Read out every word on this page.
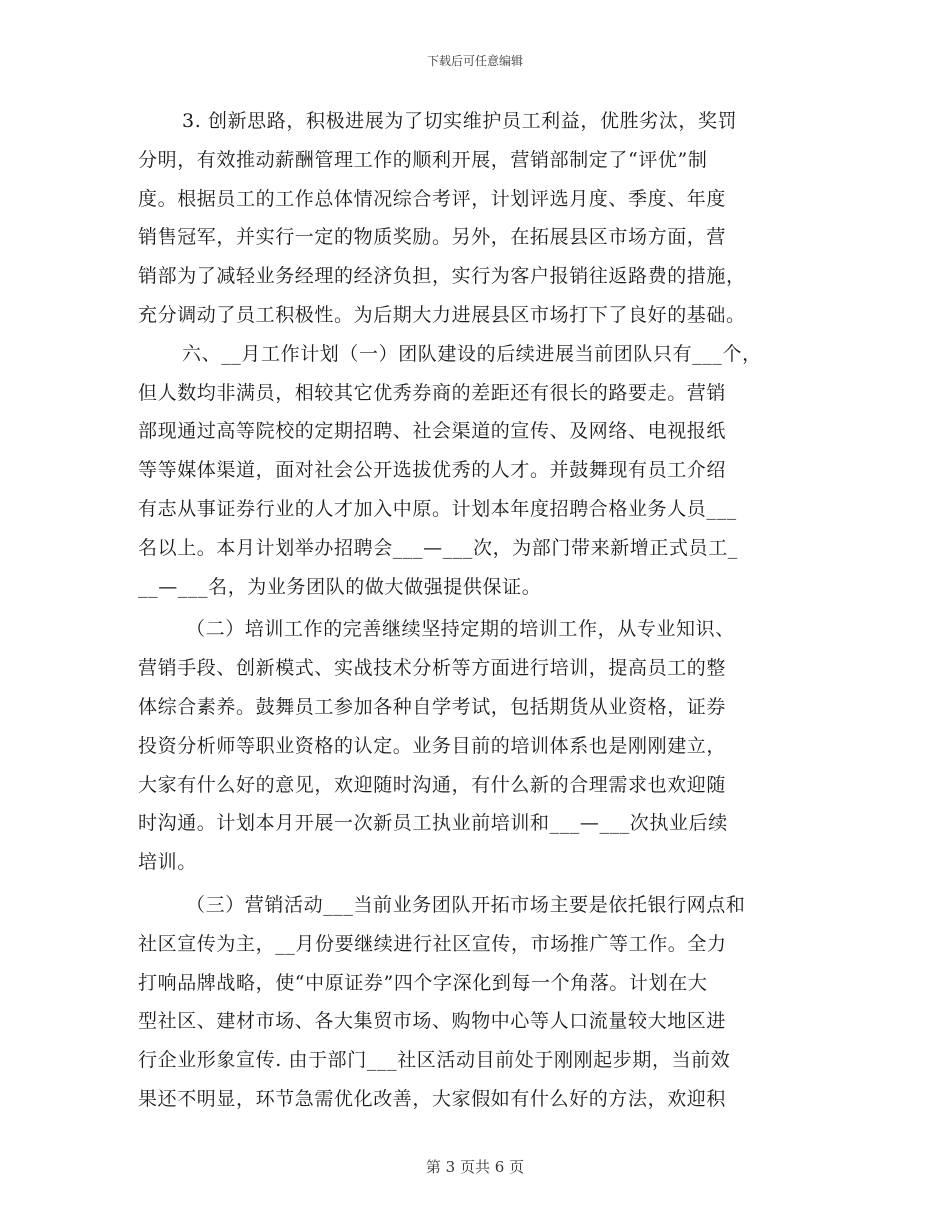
下载后可任意编辑
3. 创新思路，积极进展为了切实维护员工利益，优胜劣汰，奖罚
分明，有效推动薪酬管理工作的顺利开展，营销部制定了“评优”制
度。根据员工的工作总体情况综合考评，计划评选月度、季度、年度
销售冠军，并实行一定的物质奖励。另外，在拓展县区市场方面，营
销部为了减轻业务经理的经济负担，实行为客户报销往返路费的措施，
充分调动了员工积极性。为后期大力进展县区市场打下了良好的基础。
六、__月工作计划（一）团队建设的后续进展当前团队只有___个，
但人数均非满员，相较其它优秀券商的差距还有很长的路要走。营销
部现通过高等院校的定期招聘、社会渠道的宣传、及网络、电视报纸
等等媒体渠道，面对社会公开选拔优秀的人才。并鼓舞现有员工介绍
有志从事证券行业的人才加入中原。计划本年度招聘合格业务人员___
名以上。本月计划举办招聘会___—___次，为部门带来新增正式员工_
__—___名，为业务团队的做大做强提供保证。
（二）培训工作的完善继续坚持定期的培训工作，从专业知识、
营销手段、创新模式、实战技术分析等方面进行培训，提高员工的整
体综合素养。鼓舞员工参加各种自学考试，包括期货从业资格，证券
投资分析师等职业资格的认定。业务目前的培训体系也是刚刚建立，
大家有什么好的意见，欢迎随时沟通，有什么新的合理需求也欢迎随
时沟通。计划本月开展一次新员工执业前培训和___—___次执业后续
培训。
（三）营销活动___当前业务团队开拓市场主要是依托银行网点和
社区宣传为主，__月份要继续进行社区宣传，市场推广等工作。全力
打响品牌战略，使“中原证券”四个字深化到每一个角落。计划在大
型社区、建材市场、各大集贸市场、购物中心等人口流量较大地区进
行企业形象宣传. 由于部门___社区活动目前处于刚刚起步期，当前效
果还不明显，环节急需优化改善，大家假如有什么好的方法，欢迎积
第 3 页共 6 页
